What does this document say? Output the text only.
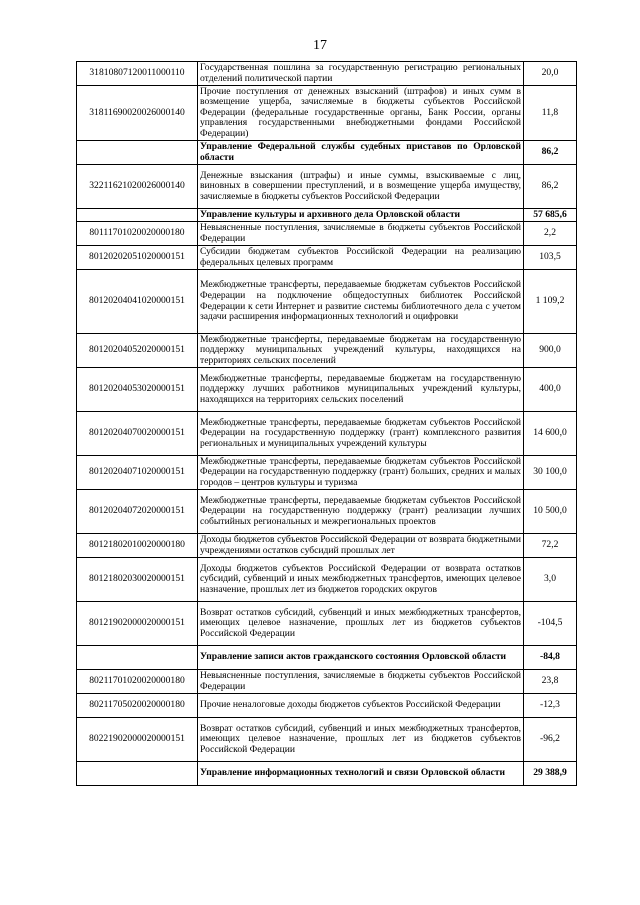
17
31810807120011000110	Государственная пошлина за государственную регистрацию региональных отделений политической партии	20,0
31811690020026000140	Прочие поступления от денежных взысканий (штрафов) и иных сумм в возмещение ущерба, зачисляемые в бюджеты субъектов Российской Федерации (федеральные государственные органы, Банк России, органы управления государственными внебюджетными фондами Российской Федерации)	11,8
	Управление Федеральной службы судебных приставов по Орловской области	86,2
32211621020026000140	Денежные взыскания (штрафы) и иные суммы, взыскиваемые с лиц, виновных в совершении преступлений, и в возмещение ущерба имуществу, зачисляемые в бюджеты субъектов Российской Федерации	86,2
	Управление культуры и архивного дела Орловской области	57 685,6
80111701020020000180	Невыясненные поступления, зачисляемые в бюджеты субъектов Российской Федерации	2,2
80120202051020000151	Субсидии бюджетам субъектов Российской Федерации на реализацию федеральных целевых программ	103,5
80120204041020000151	Межбюджетные трансферты, передаваемые бюджетам субъектов Российской Федерации на подключение общедоступных библиотек Российской Федерации к сети Интернет и развитие системы библиотечного дела с учетом задачи расширения информационных технологий и оцифровки	1 109,2
80120204052020000151	Межбюджетные трансферты, передаваемые бюджетам на государственную поддержку муниципальных учреждений культуры, находящихся на территориях сельских поселений	900,0
80120204053020000151	Межбюджетные трансферты, передаваемые бюджетам на государственную поддержку лучших работников муниципальных учреждений культуры, находящихся на территориях сельских поселений	400,0
80120204070020000151	Межбюджетные трансферты, передаваемые бюджетам субъектов Российской Федерации на государственную поддержку (грант) комплексного развития региональных и муниципальных учреждений культуры	14 600,0
80120204071020000151	Межбюджетные трансферты, передаваемые бюджетам субъектов Российской Федерации на государственную поддержку (грант) больших, средних и малых городов – центров культуры и туризма	30 100,0
80120204072020000151	Межбюджетные трансферты, передаваемые бюджетам субъектов Российской Федерации на государственную поддержку (грант) реализации лучших событийных региональных и межрегиональных проектов	10 500,0
80121802010020000180	Доходы бюджетов субъектов Российской Федерации от возврата бюджетными учреждениями остатков субсидий прошлых лет	72,2
80121802030020000151	Доходы бюджетов субъектов Российской Федерации от возврата остатков субсидий, субвенций и иных межбюджетных трансфертов, имеющих целевое назначение, прошлых лет из бюджетов городских округов	3,0
80121902000020000151	Возврат остатков субсидий, субвенций и иных межбюджетных трансфертов, имеющих целевое назначение, прошлых лет из бюджетов субъектов Российской Федерации	-104,5
	Управление записи актов гражданского состояния Орловской области	-84,8
80211701020020000180	Невыясненные поступления, зачисляемые в бюджеты субъектов Российской Федерации	23,8
80211705020020000180	Прочие неналоговые доходы бюджетов субъектов Российской Федерации	-12,3
80221902000020000151	Возврат остатков субсидий, субвенций и иных межбюджетных трансфертов, имеющих целевое назначение, прошлых лет из бюджетов субъектов Российской Федерации	-96,2
	Управление информационных технологий и связи Орловской области	29 388,9
